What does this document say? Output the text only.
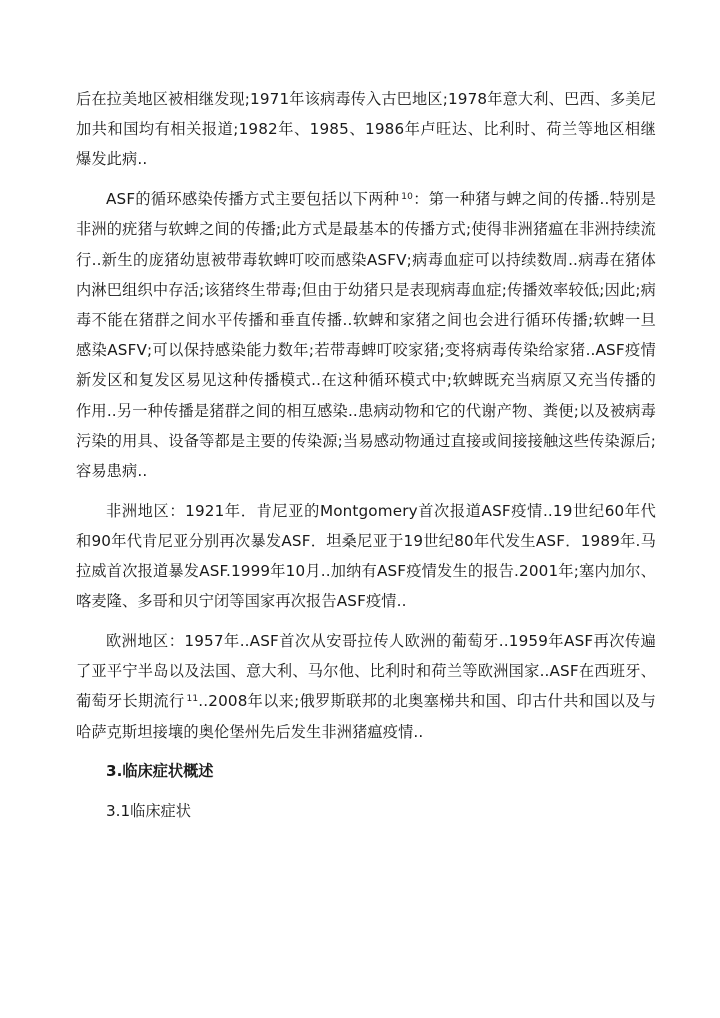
后在拉美地区被相继发现;1971年该病毒传入古巴地区;1978年意大利、巴西、多美尼加共和国均有相关报道;1982年、1985、1986年卢旺达、比利时、荷兰等地区相继爆发此病..

ASF的循环感染传播方式主要包括以下两种 $^{10}$：第一种猪与蜱之间的传播..特别是非洲的疣猪与软蜱之间的传播;此方式是最基本的传播方式;使得非洲猪瘟在非洲持续流行..新生的庞猪幼崽被带毒软蜱叮咬而感染ASFV;病毒血症可以持续数周..病毒在猪体内淋巴组织中存活;该猪终生带毒;但由于幼猪只是表现病毒血症;传播效率较低;因此;病毒不能在猪群之间水平传播和垂直传播..软蜱和家猪之间也会进行循环传播;软蜱一旦感染ASFV;可以保持感染能力数年;若带毒蜱叮咬家猪;变将病毒传染给家猪..ASF疫情新发区和复发区易见这种传播模式..在这种循环模式中;软蜱既充当病原又充当传播的作用..另一种传播是猪群之间的相互感染..患病动物和它的代谢产物、粪便;以及被病毒污染的用具、设备等都是主要的传染源;当易感动物通过直接或间接接触这些传染源后;容易患病..

非洲地区：1921年．肯尼亚的Montgomery首次报道ASF疫情..19世纪60年代和90年代肯尼亚分别再次暴发ASF．坦桑尼亚于19世纪80年代发生ASF．1989年.马拉威首次报道暴发ASF.1999年10月..加纳有ASF疫情发生的报告.2001年;塞内加尔、喀麦隆、多哥和贝宁闭等国家再次报告ASF疫情..

欧洲地区：1957年..ASF首次从安哥拉传人欧洲的葡萄牙..1959年ASF再次传遍了亚平宁半岛以及法国、意大利、马尔他、比利时和荷兰等欧洲国家..ASF在西班牙、葡萄牙长期流行 $^{11}$..2008年以来;俄罗斯联邦的北奥塞梯共和国、印古什共和国以及与哈萨克斯坦接壤的奥伦堡州先后发生非洲猪瘟疫情..

3.临床症状概述

3.1临床症状
